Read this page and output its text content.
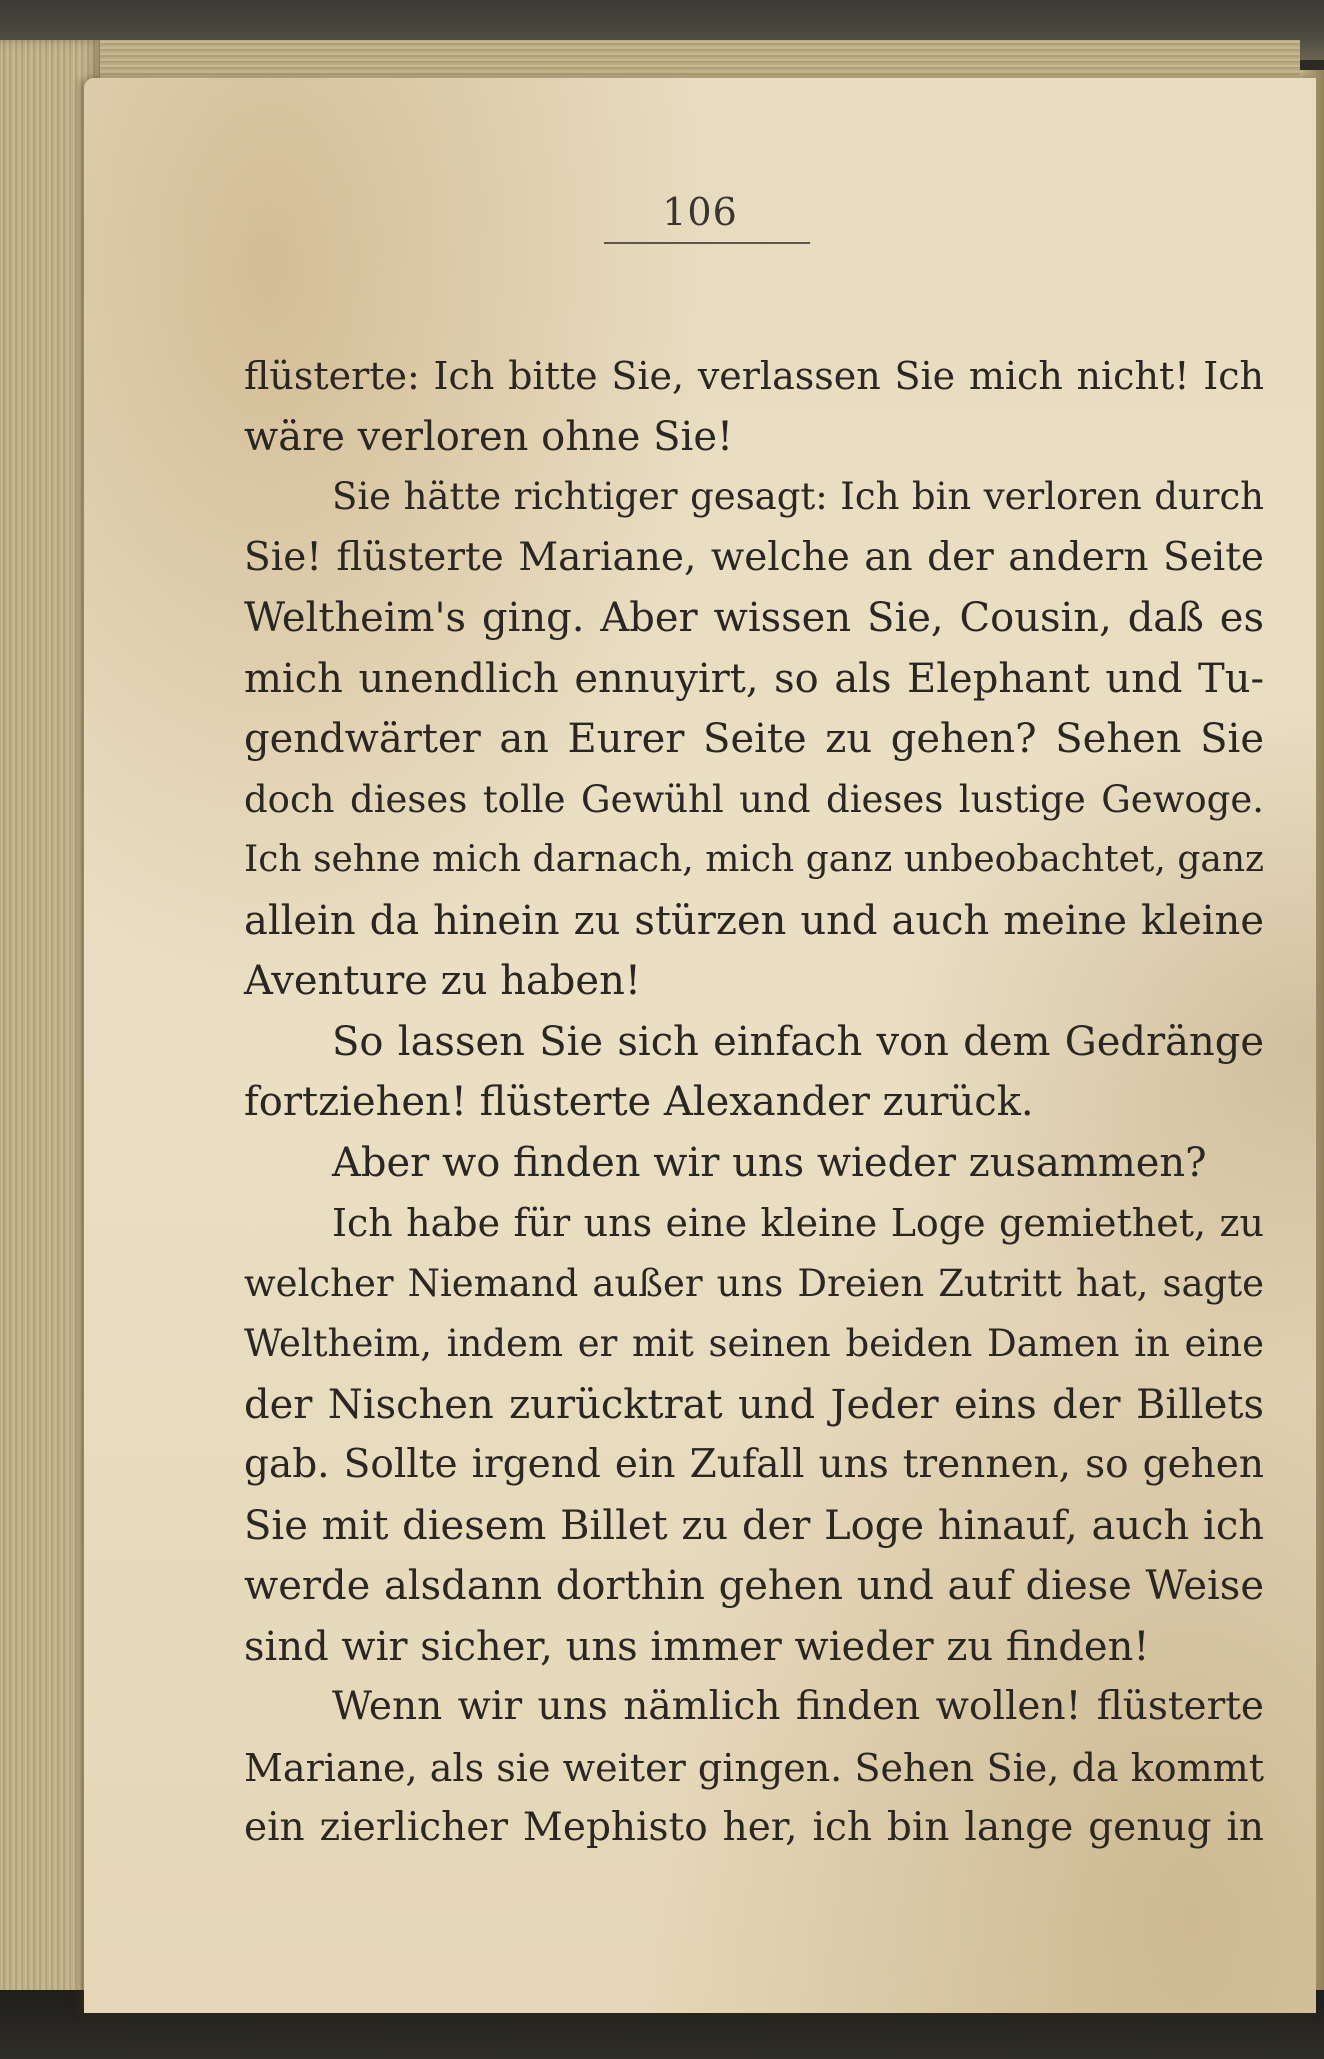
106
flüsterte: Ich bitte Sie, verlassen Sie mich nicht! Ich
wäre verloren ohne Sie!
Sie hätte richtiger gesagt: Ich bin verloren durch
Sie! flüsterte Mariane, welche an der andern Seite
Weltheim's ging. Aber wissen Sie, Cousin, daß es
mich unendlich ennuyirt, so als Elephant und Tu-
gendwärter an Eurer Seite zu gehen? Sehen Sie
doch dieses tolle Gewühl und dieses lustige Gewoge.
Ich sehne mich darnach, mich ganz unbeobachtet, ganz
allein da hinein zu stürzen und auch meine kleine
Aventure zu haben!
So lassen Sie sich einfach von dem Gedränge
fortziehen! flüsterte Alexander zurück.
Aber wo finden wir uns wieder zusammen?
Ich habe für uns eine kleine Loge gemiethet, zu
welcher Niemand außer uns Dreien Zutritt hat, sagte
Weltheim, indem er mit seinen beiden Damen in eine
der Nischen zurücktrat und Jeder eins der Billets
gab. Sollte irgend ein Zufall uns trennen, so gehen
Sie mit diesem Billet zu der Loge hinauf, auch ich
werde alsdann dorthin gehen und auf diese Weise
sind wir sicher, uns immer wieder zu finden!
Wenn wir uns nämlich finden wollen! flüsterte
Mariane, als sie weiter gingen. Sehen Sie, da kommt
ein zierlicher Mephisto her, ich bin lange genug in
